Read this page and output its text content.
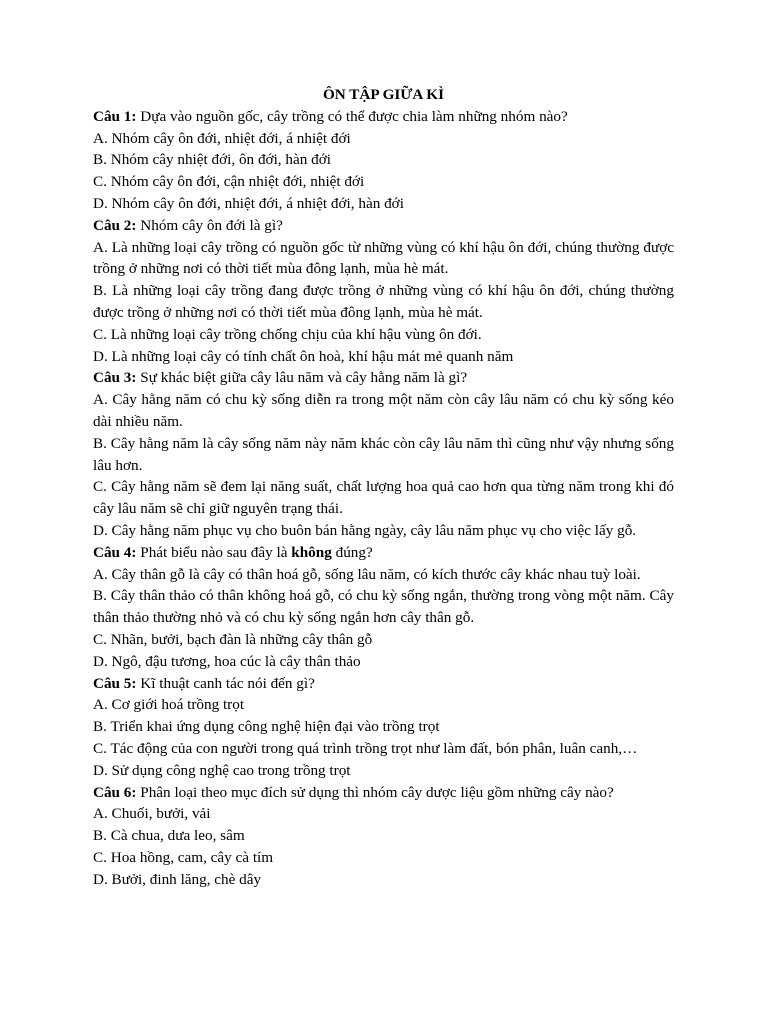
ÔN TẬP GIỮA KÌ

Câu 1: Dựa vào nguồn gốc, cây trồng có thể được chia làm những nhóm nào?

A. Nhóm cây ôn đới, nhiệt đới, á nhiệt đới

B. Nhóm cây nhiệt đới, ôn đới, hàn đới

C. Nhóm cây ôn đới, cận nhiệt đới, nhiệt đới

D. Nhóm cây ôn đới, nhiệt đới, á nhiệt đới, hàn đới

Câu 2: Nhóm cây ôn đới là gì?

A. Là những loại cây trồng có nguồn gốc từ những vùng có khí hậu ôn đới, chúng thường được trồng ở những nơi có thời tiết mùa đông lạnh, mùa hè mát.

B. Là những loại cây trồng đang được trồng ở những vùng có khí hậu ôn đới, chúng thường được trồng ở những nơi có thời tiết mùa đông lạnh, mùa hè mát.

C. Là những loại cây trồng chống chịu của khí hậu vùng ôn đới.

D. Là những loại cây có tính chất ôn hoà, khí hậu mát mẻ quanh năm

Câu 3: Sự khác biệt giữa cây lâu năm và cây hằng năm là gì?

A. Cây hằng năm có chu kỳ sống diễn ra trong một năm còn cây lâu năm có chu kỳ sống kéo dài nhiều năm.

B. Cây hằng năm là cây sống năm này năm khác còn cây lâu năm thì cũng như vậy nhưng sống lâu hơn.

C. Cây hằng năm sẽ đem lại năng suất, chất lượng hoa quả cao hơn qua từng năm trong khi đó cây lâu năm sẽ chỉ giữ nguyên trạng thái.

D. Cây hằng năm phục vụ cho buôn bán hằng ngày, cây lâu năm phục vụ cho việc lấy gỗ.

Câu 4: Phát biểu nào sau đây là không đúng?

A. Cây thân gỗ là cây có thân hoá gỗ, sống lâu năm, có kích thước cây khác nhau tuỳ loài.

B. Cây thân thảo có thân không hoá gỗ, có chu kỳ sống ngắn, thường trong vòng một năm. Cây thân thảo thường nhỏ và có chu kỳ sống ngắn hơn cây thân gỗ.

C. Nhãn, bưởi, bạch đàn là những cây thân gỗ

D. Ngô, đậu tương, hoa cúc là cây thân thảo

Câu 5: Kĩ thuật canh tác nói đến gì?

A. Cơ giới hoá trồng trọt

B. Triển khai ứng dụng công nghệ hiện đại vào trồng trọt

C. Tác động của con người trong quá trình trồng trọt như làm đất, bón phân, luân canh,…

D. Sử dụng công nghệ cao trong trồng trọt

Câu 6: Phân loại theo mục đích sử dụng thì nhóm cây dược liệu gồm những cây nào?

A. Chuối, bưởi, vải

B. Cà chua, dưa leo, sâm

C. Hoa hồng, cam, cây cà tím

D. Bưởi, đinh lăng, chè dây
